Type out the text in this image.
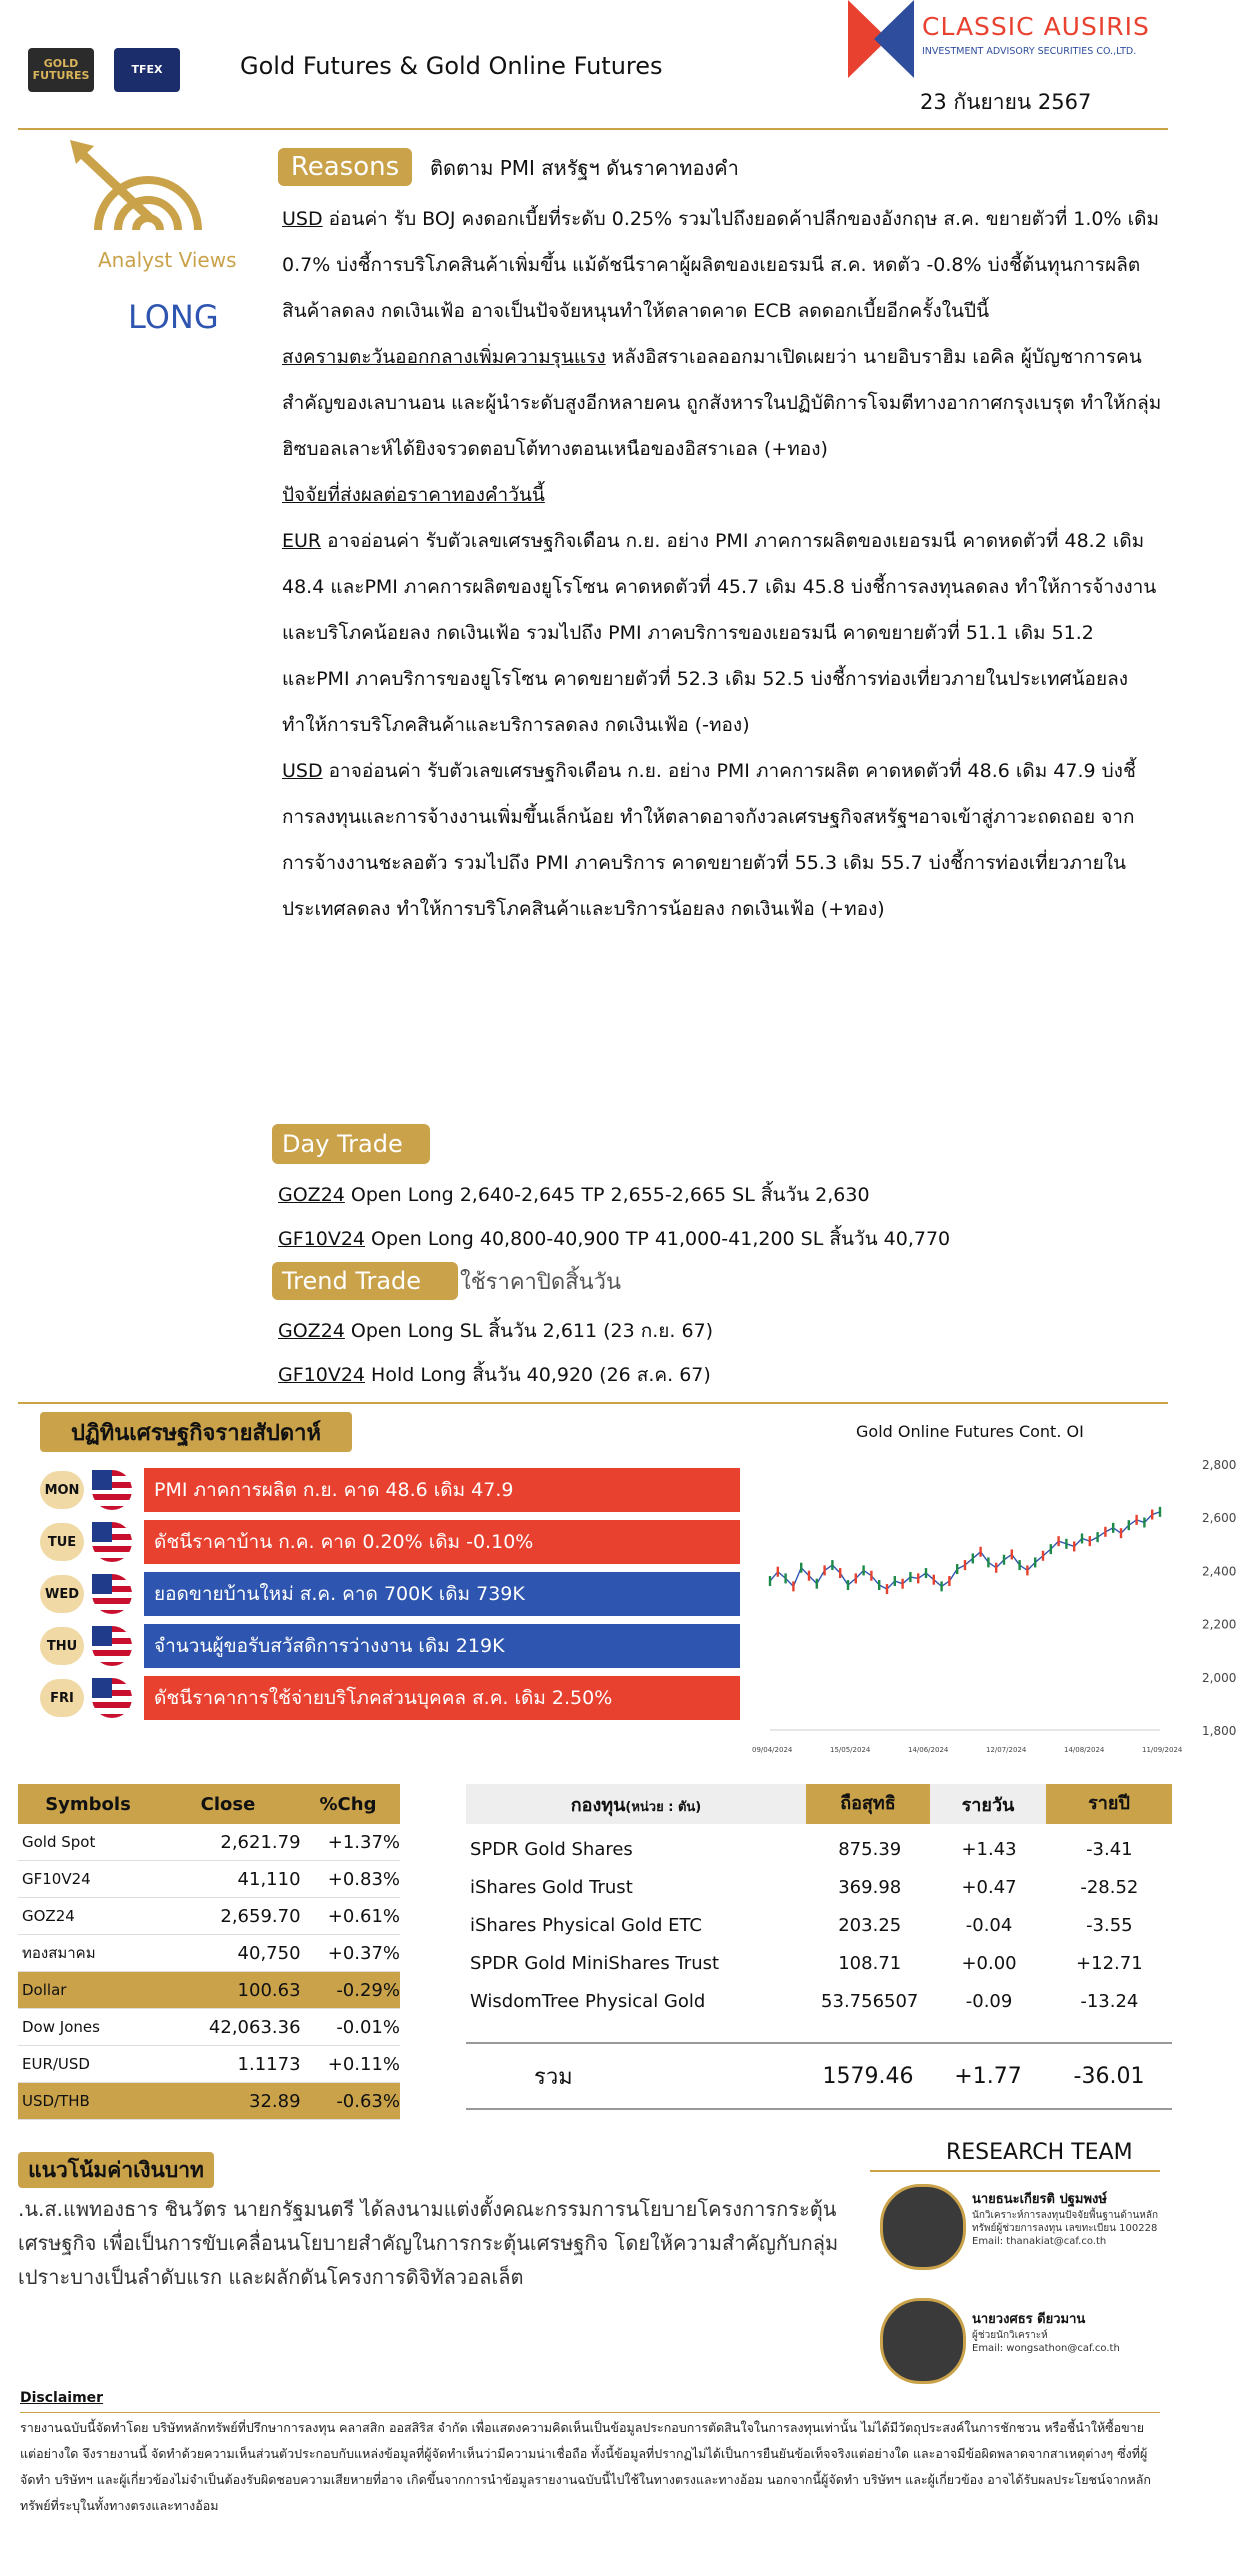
GOLD FUTURES	TFEX	Gold Futures & Gold Online Futures
CLASSIC AUSIRIS
INVESTMENT ADVISORY SECURITIES CO.,LTD.
23 กันยายน 2567
Analyst Views
LONG
Reasons	ติดตาม PMI สหรัฐฯ ดันราคาทองคำ

USD อ่อนค่า รับ BOJ คงดอกเบี้ยที่ระดับ 0.25% รวมไปถึงยอดค้าปลีกของอังกฤษ ส.ค. ขยายตัวที่ 1.0% เดิม 0.7% บ่งชี้การบริโภคสินค้าเพิ่มขึ้น แม้ดัชนีราคาผู้ผลิตของเยอรมนี ส.ค. หดตัว -0.8% บ่งชี้ต้นทุนการผลิตสินค้าลดลง กดเงินเฟ้อ อาจเป็นปัจจัยหนุนทำให้ตลาดคาด ECB ลดดอกเบี้ยอีกครั้งในปีนี้

สงครามตะวันออกกลางเพิ่มความรุนแรง หลังอิสราเอลออกมาเปิดเผยว่า นายอิบราฮิม เอคิล ผู้บัญชาการคนสำคัญของเลบานอน และผู้นำระดับสูงอีกหลายคน ถูกสังหารในปฏิบัติการโจมตีทางอากาศกรุงเบรุต ทำให้กลุ่มฮิซบอลเลาะห์ได้ยิงจรวดตอบโต้ทางตอนเหนือของอิสราเอล (+ทอง)

ปัจจัยที่ส่งผลต่อราคาทองคำวันนี้

EUR อาจอ่อนค่า รับตัวเลขเศรษฐกิจเดือน ก.ย. อย่าง PMI ภาคการผลิตของเยอรมนี คาดหดตัวที่ 48.2 เดิม 48.4 และPMI ภาคการผลิตของยูโรโซน คาดหดตัวที่ 45.7 เดิม 45.8 บ่งชี้การลงทุนลดลง ทำให้การจ้างงานและบริโภคน้อยลง กดเงินเฟ้อ รวมไปถึง PMI ภาคบริการของเยอรมนี คาดขยายตัวที่ 51.1 เดิม 51.2 และPMI ภาคบริการของยูโรโซน คาดขยายตัวที่ 52.3 เดิม 52.5 บ่งชี้การท่องเที่ยวภายในประเทศน้อยลง ทำให้การบริโภคสินค้าและบริการลดลง กดเงินเฟ้อ (-ทอง)

USD อาจอ่อนค่า รับตัวเลขเศรษฐกิจเดือน ก.ย. อย่าง PMI ภาคการผลิต คาดหดตัวที่ 48.6 เดิม 47.9 บ่งชี้การลงทุนและการจ้างงานเพิ่มขึ้นเล็กน้อย ทำให้ตลาดอาจกังวลเศรษฐกิจสหรัฐฯอาจเข้าสู่ภาวะถดถอย จากการจ้างงานชะลอตัว รวมไปถึง PMI ภาคบริการ คาดขยายตัวที่ 55.3 เดิม 55.7 บ่งชี้การท่องเที่ยวภายในประเทศลดลง ทำให้การบริโภคสินค้าและบริการน้อยลง กดเงินเฟ้อ (+ทอง)

Day Trade
GOZ24 Open Long 2,640-2,645 TP 2,655-2,665 SL สิ้นวัน 2,630
GF10V24 Open Long 40,800-40,900 TP 41,000-41,200 SL สิ้นวัน 40,770
Trend Trade	ใช้ราคาปิดสิ้นวัน
GOZ24 Open Long SL สิ้นวัน 2,611 (23 ก.ย. 67)
GF10V24 Hold Long สิ้นวัน 40,920 (26 ส.ค. 67)
ปฏิทินเศรษฐกิจรายสัปดาห์
MON	PMI ภาคการผลิต ก.ย. คาด 48.6 เดิม 47.9
TUE	ดัชนีราคาบ้าน ก.ค. คาด 0.20% เดิม -0.10%
WED	ยอดขายบ้านใหม่ ส.ค. คาด 700K เดิม 739K
THU	จำนวนผู้ขอรับสวัสดิการว่างงาน เดิม 219K
FRI	ดัชนีราคาการใช้จ่ายบริโภคส่วนบุคคล ส.ค. เดิม 2.50%
Gold Online Futures Cont. OI
2,800
2,600
2,400
2,200
2,000
1,800
09/04/2024	15/05/2024	14/06/2024	12/07/2024	14/08/2024	11/09/2024
Symbols	Close	%Chg
Gold Spot	2,621.79	+1.37%
GF10V24	41,110	+0.83%
GOZ24	2,659.70	+0.61%
ทองสมาคม	40,750	+0.37%
Dollar	100.63	-0.29%
Dow Jones	42,063.36	-0.01%
EUR/USD	1.1173	+0.11%
USD/THB	32.89	-0.63%
กองทุน(หน่วย : ตัน)	ถือสุทธิ	รายวัน	รายปี
SPDR Gold Shares	875.39	+1.43	-3.41
iShares Gold Trust	369.98	+0.47	-28.52
iShares Physical Gold ETC	203.25	-0.04	-3.55
SPDR Gold MiniShares Trust	108.71	+0.00	+12.71
WisdomTree Physical Gold	53.756507	-0.09	-13.24
รวม	1579.46	+1.77	-36.01
แนวโน้มค่าเงินบาท
.น.ส.แพทองธาร ชินวัตร นายกรัฐมนตรี ได้ลงนามแต่งตั้งคณะกรรมการนโยบายโครงการกระตุ้นเศรษฐกิจ เพื่อเป็นการขับเคลื่อนนโยบายสำคัญในการกระตุ้นเศรษฐกิจ โดยให้ความสำคัญกับกลุ่มเปราะบางเป็นลำดับแรก และผลักดันโครงการดิจิทัลวอลเล็ต
RESEARCH TEAM
นายธนะเกียรติ ปฐมพงษ์
นักวิเคราะห์การลงทุนปัจจัยพื้นฐานด้านหลักทรัพย์ผู้ช่วยการลงทุน เลขทะเบียน 100228
Email: thanakiat@caf.co.th
นายวงศธร ดียวมาน
ผู้ช่วยนักวิเคราะห์
Email: wongsathon@caf.co.th
Disclaimer
รายงานฉบับนี้จัดทำโดย บริษัทหลักทรัพย์ที่ปรึกษาการลงทุน คลาสสิก ออสสิริส จำกัด เพื่อแสดงความคิดเห็นเป็นข้อมูลประกอบการตัดสินใจในการลงทุนเท่านั้น ไม่ได้มีวัตถุประสงค์ในการชักชวน หรือชี้นำให้ซื้อขายแต่อย่างใด จึงรายงานนี้ จัดทำด้วยความเห็นส่วนตัวประกอบกับแหล่งข้อมูลที่ผู้จัดทำเห็นว่ามีความน่าเชื่อถือ ทั้งนี้ข้อมูลที่ปรากฏไม่ได้เป็นการยืนยันข้อเท็จจริงแต่อย่างใด และอาจมีข้อผิดพลาดจากสาเหตุต่างๆ ซึ่งที่ผู้จัดทำ บริษัทฯ และผู้เกี่ยวข้องไม่จำเป็นต้องรับผิดชอบความเสียหายที่อาจ เกิดขึ้นจากการนำข้อมูลรายงานฉบับนี้ไปใช้ในทางตรงและทางอ้อม นอกจากนี้ผู้จัดทำ บริษัทฯ และผู้เกี่ยวข้อง อาจได้รับผลประโยชน์จากหลักทรัพย์ที่ระบุในทั้งทางตรงและทางอ้อม
